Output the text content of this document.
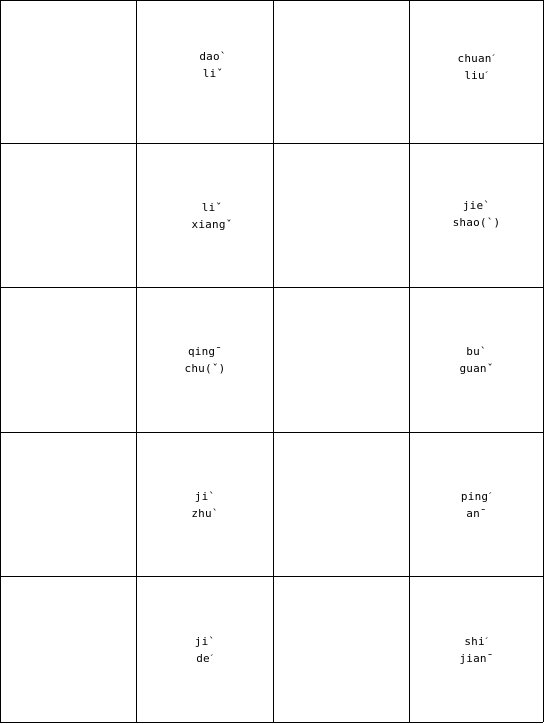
dao`
liˇ
chuanˊ
liuˊ
liˇ
xiangˇ
jie`
shao(`)
qing¯
chu(ˇ)
bu`
guanˇ
ji`
zhu`
pingˊ
an¯
ji`
deˊ
shiˊ
jian¯
